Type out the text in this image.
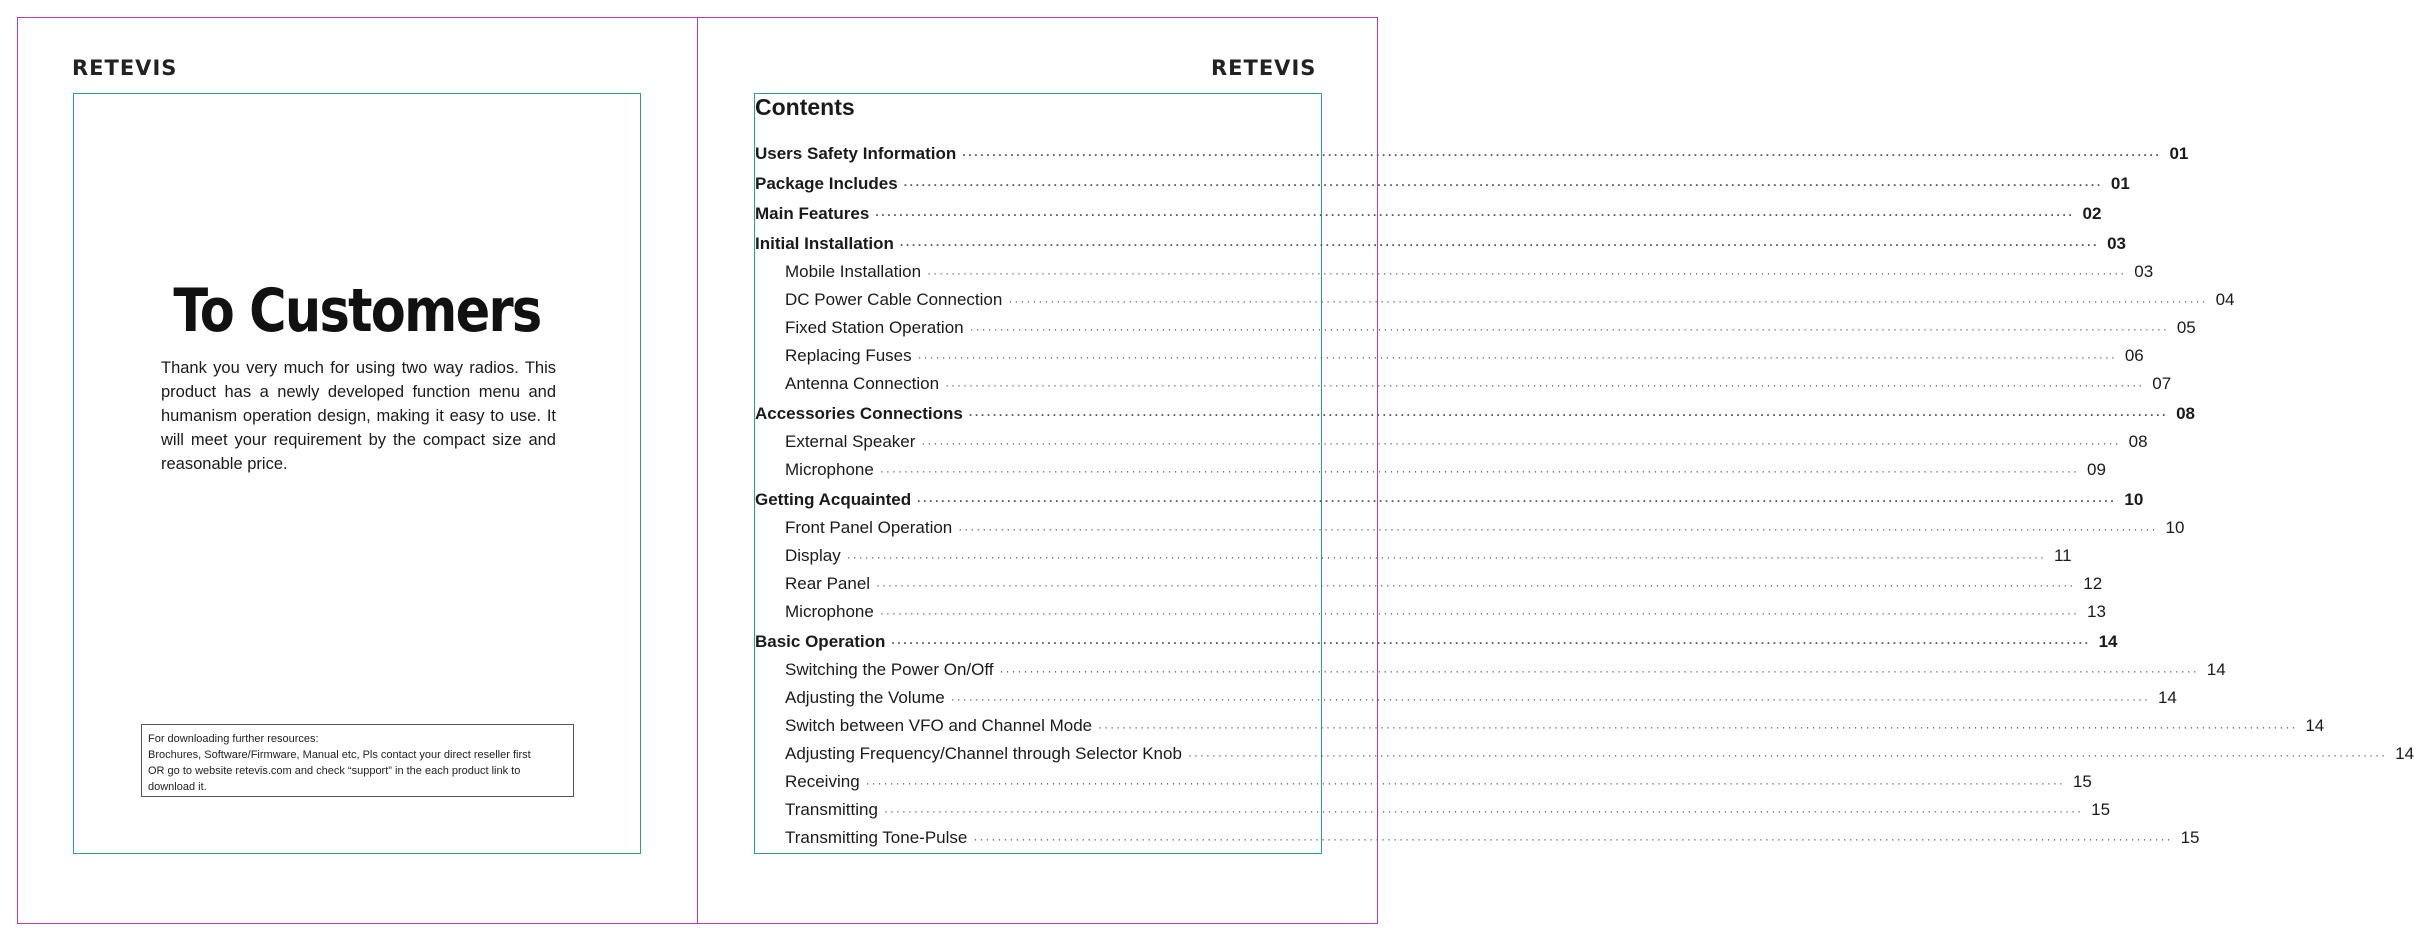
RETEVIS	RETEVIS
To Customers
Thank you very much for using two way radios. This product has a newly developed function menu and humanism operation design, making it easy to use. It will meet your requirement by the compact size and reasonable price.
For downloading further resources:
Brochures, Software/Firmware, Manual etc, Pls contact your direct reseller first
OR go to website retevis.com and check “support” in the each product link to
download it.
Contents
Users Safety Information ········································································································································································································ 01
Package Includes ········································································································································································································ 01
Main Features ········································································································································································································ 02
Initial Installation ········································································································································································································ 03
Mobile Installation ········································································································································································································ 03
DC Power Cable Connection ········································································································································································································ 04
Fixed Station Operation ········································································································································································································ 05
Replacing Fuses ········································································································································································································ 06
Antenna Connection ········································································································································································································ 07
Accessories Connections ········································································································································································································ 08
External Speaker ········································································································································································································ 08
Microphone ········································································································································································································ 09
Getting Acquainted ········································································································································································································ 10
Front Panel Operation ········································································································································································································ 10
Display ········································································································································································································ 11
Rear Panel ········································································································································································································ 12
Microphone ········································································································································································································ 13
Basic Operation ········································································································································································································ 14
Switching the Power On/Off ········································································································································································································ 14
Adjusting the Volume ········································································································································································································ 14
Switch between VFO and Channel Mode ········································································································································································································ 14
Adjusting Frequency/Channel through Selector Knob ········································································································································································································ 14
Receiving ········································································································································································································ 15
Transmitting ········································································································································································································ 15
Transmitting Tone-Pulse ········································································································································································································ 15
